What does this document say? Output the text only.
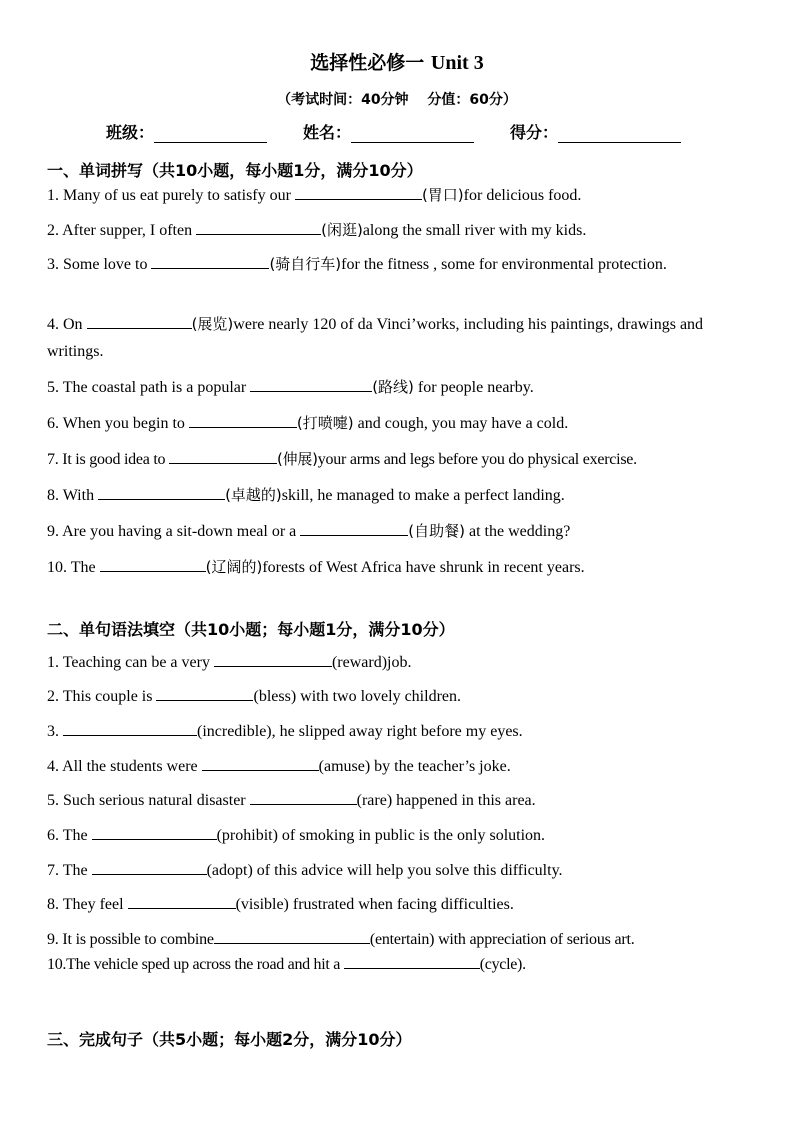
选择性必修一 Unit 3
（考试时间：40分钟　 分值：60分）
班级：	姓名：	得分：
一、单词拼写（共10小题，每小题1分，满分10分）
1. Many of us eat purely to satisfy our	(胃口)for delicious food.
2. After supper, I often	(闲逛)along the small river with my kids.
3. Some love to	(骑自行车)for the fitness , some for environmental protection.
4. On	(展览)were nearly 120 of da Vinci’works, including his paintings, drawings and writings.
5. The coastal path is a popular	(路线) for people nearby.
6. When you begin to	(打喷嚏) and cough, you may have a cold.
7. It is good idea to	(伸展)your arms and legs before you do physical exercise.
8. With	(卓越的)skill, he managed to make a perfect landing.
9. Are you having a sit-down meal or a	(自助餐) at the wedding?
10. The	(辽阔的)forests of West Africa have shrunk in recent years.
二、单句语法填空（共10小题；每小题1分，满分10分）
1. Teaching can be a very	(reward)job.
2. This couple is	(bless) with two lovely children.
3.	(incredible), he slipped away right before my eyes.
4. All the students were	(amuse) by the teacher’s joke.
5. Such serious natural disaster	(rare) happened in this area.
6. The	(prohibit) of smoking in public is the only solution.
7. The	(adopt) of this advice will help you solve this difficulty.
8. They feel	(visible) frustrated when facing difficulties.
9. It is possible to combine	(entertain) with appreciation of serious art.
10.The vehicle sped up across the road and hit a	(cycle).
三、完成句子（共5小题；每小题2分，满分10分）
